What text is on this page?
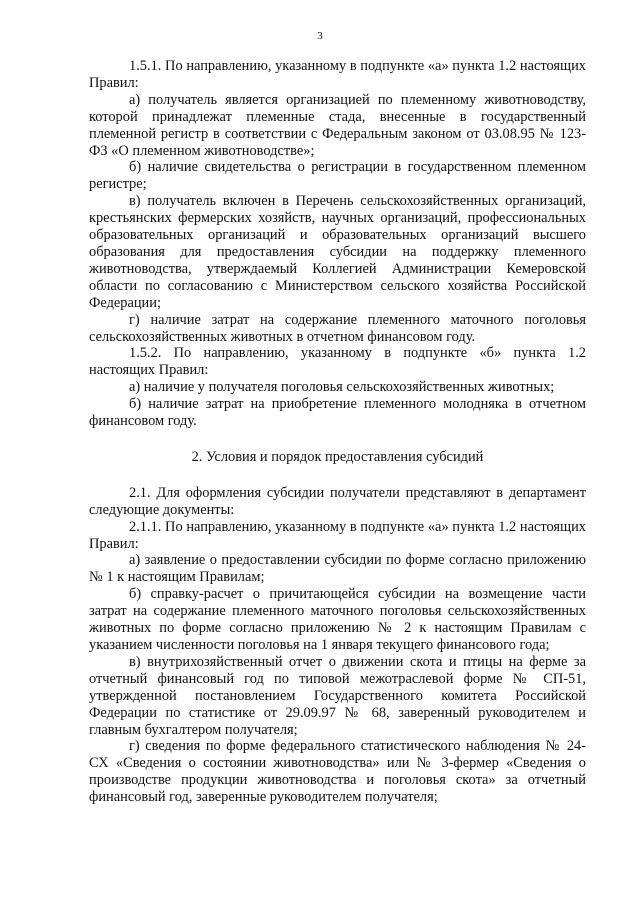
3

1.5.1. По направлению, указанному в подпункте «а» пункта 1.2 настоящих Правил:

а) получатель является организацией по племенному животноводству, которой принадлежат племенные стада, внесенные в государственный племенной регистр в соответствии с Федеральным законом от 03.08.95 № 123-ФЗ «О племенном животноводстве»;

б) наличие свидетельства о регистрации в государственном племенном регистре;

в) получатель включен в Перечень сельскохозяйственных организаций, крестьянских фермерских хозяйств, научных организаций, профессиональных образовательных организаций и образовательных организаций высшего образования для предоставления субсидии на поддержку племенного животноводства, утверждаемый Коллегией Администрации Кемеровской области по согласованию с Министерством сельского хозяйства Российской Федерации;

г) наличие затрат на содержание племенного маточного поголовья сельскохозяйственных животных в отчетном финансовом году.

1.5.2. По направлению, указанному в подпункте «б» пункта 1.2 настоящих Правил:

а) наличие у получателя поголовья сельскохозяйственных животных;

б) наличие затрат на приобретение племенного молодняка в отчетном финансовом году.

2. Условия и порядок предоставления субсидий

2.1. Для оформления субсидии получатели представляют в департамент следующие документы:

2.1.1. По направлению, указанному в подпункте «а» пункта 1.2 настоящих Правил:

а) заявление о предоставлении субсидии по форме согласно приложению № 1 к настоящим Правилам;

б) справку-расчет о причитающейся субсидии на возмещение части затрат на содержание племенного маточного поголовья сельскохозяйственных животных по форме согласно приложению № 2 к настоящим Правилам с указанием численности поголовья на 1 января текущего финансового года;

в) внутрихозяйственный отчет о движении скота и птицы на ферме за отчетный финансовый год по типовой межотраслевой форме № СП-51, утвержденной постановлением Государственного комитета Российской Федерации по статистике от 29.09.97 № 68, заверенный руководителем и главным бухгалтером получателя;

г) сведения по форме федерального статистического наблюдения № 24-СХ «Сведения о состоянии животноводства» или № 3-фермер «Сведения о производстве продукции животноводства и поголовья скота» за отчетный финансовый год, заверенные руководителем получателя;
